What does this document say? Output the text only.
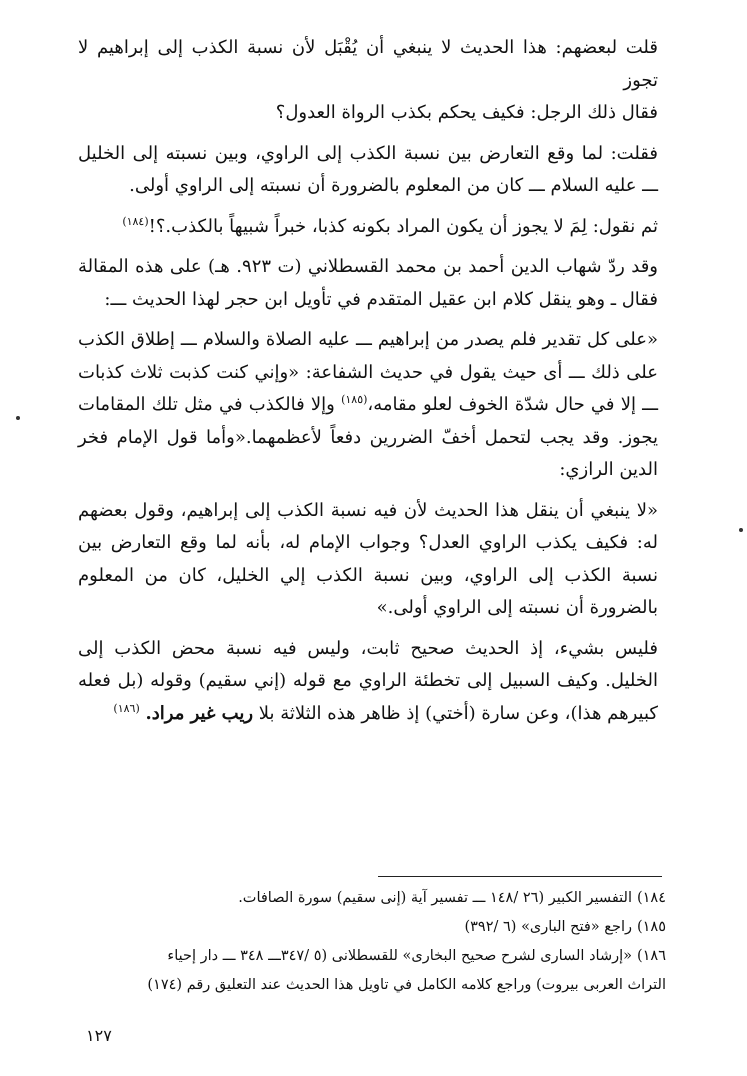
قلت لبعضهم: هذا الحديث لا ينبغي أن يُقْبَل لأن نسبة الكذب إلى إبراهيم لا تجوز

فقال ذلك الرجل: فكيف يحكم بكذب الرواة العدول؟

فقلت: لما وقع التعارض بين نسبة الكذب إلى الراوي، وبين نسبته إلى الخليل ـــ عليه السلام ـــ كان من المعلوم بالضرورة أن نسبته إلى الراوي أولى.

ثم نقول: لِمَ لا يجوز أن يكون المراد بكونه كذبا، خبراً شبيهاً بالكذب.؟!$^{(١٨٤)}$

وقد ردّ شهاب الدين أحمد بن محمد القسطلاني (ت ٩٢٣. هـ) على هذه المقالة فقال ـ وهو ينقل كلام ابن عقيل المتقدم في تأويل ابن حجر لهذا الحديث ـــ:

«على كل تقدير فلم يصدر من إبراهيم ـــ عليه الصلاة والسلام ـــ إطلاق الكذب على ذلك ـــ أى حيث يقول في حديث الشفاعة: «وإني كنت كذبت ثلاث كذبات ـــ إلا في حال شدّة الخوف لعلو مقامه،$^{(١٨٥)}$ وإلا فالكذب في مثل تلك المقامات يجوز. وقد يجب لتحمل أخفّ الضررين دفعاً لأعظمهما.«وأما قول الإمام فخر الدين الرازي:

«لا ينبغي أن ينقل هذا الحديث لأن فيه نسبة الكذب إلى إبراهيم، وقول بعضهم له: فكيف يكذب الراوي العدل؟ وجواب الإمام له، بأنه لما وقع التعارض بين نسبة الكذب إلى الراوي، وبين نسبة الكذب إلي الخليل، كان من المعلوم بالضرورة أن نسبته إلى الراوي أولى.»

فليس بشيء، إذ الحديث صحيح ثابت، وليس فيه نسبة محض الكذب إلى الخليل. وكيف السبيل إلى تخطئة الراوي مع قوله (إني سقيم) وقوله (بل فعله كبيرهم هذا)، وعن سارة (أختي) إذ ظاهر هذه الثلاثة بلا ريب غير مراد. $^{(١٨٦)}$

١٨٤)التفسير الكبير (٢٦ /١٤٨ ـــ تفسير آية (إنى سقيم) سورة الصافات.

١٨٥)راجع «فتح البارى» (٦ /٣٩٢)

١٨٦)«إرشاد السارى لشرح صحيح البخارى» للقسطلانى (٥ /٣٤٧ـــ ٣٤٨ ـــ دار إحياء

التراث العربى بيروت) وراجع كلامه الكامل في تاويل هذا الحديث عند التعليق رقم (١٧٤)

١٢٧
